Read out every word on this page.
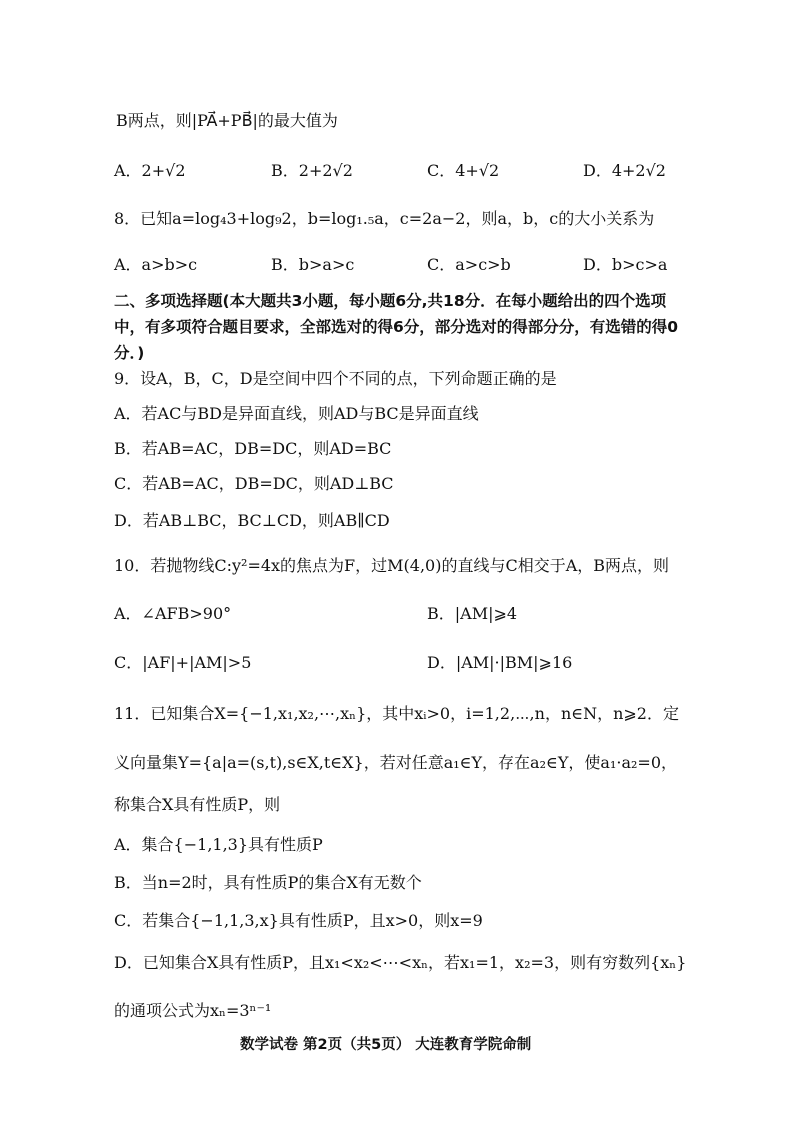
B两点，则|PA⃗+PB⃗|的最大值为
A．2+√2	B．2+2√2	C．4+√2	D．4+2√2
8．已知a=log₄3+log₉2，b=log₁.₅a，c=2a−2，则a，b，c的大小关系为
A．a>b>c	B．b>a>c	C．a>c>b	D．b>c>a
二、多项选择题(本大题共3小题，每小题6分,共18分．在每小题给出的四个选项
中，有多项符合题目要求，全部选对的得6分，部分选对的得部分分，有选错的得0
分．)
9．设A，B，C，D是空间中四个不同的点，下列命题正确的是
A．若AC与BD是异面直线，则AD与BC是异面直线
B．若AB=AC，DB=DC，则AD=BC
C．若AB=AC，DB=DC，则AD⊥BC
D．若AB⊥BC，BC⊥CD，则AB∥CD
10．若抛物线C:y²=4x的焦点为F，过M(4,0)的直线与C相交于A，B两点，则
A．∠AFB>90°	B．|AM|⩾4
C．|AF|+|AM|>5	D．|AM|·|BM|⩾16
11．已知集合X={−1,x₁,x₂,⋯,xₙ}，其中xᵢ>0，i=1,2,⋯,n，n∈N，n⩾2．定
义向量集Y={a|a=(s,t),s∈X,t∈X}，若对任意a₁∈Y，存在a₂∈Y，使a₁·a₂=0，
称集合X具有性质P，则
A．集合{−1,1,3}具有性质P
B．当n=2时，具有性质P的集合X有无数个
C．若集合{−1,1,3,x}具有性质P，且x>0，则x=9
D．已知集合X具有性质P，且x₁<x₂<⋯<xₙ，若x₁=1，x₂=3，则有穷数列{xₙ}
的通项公式为xₙ=3ⁿ⁻¹
数学试卷 第2页（共5页） 大连教育学院命制
